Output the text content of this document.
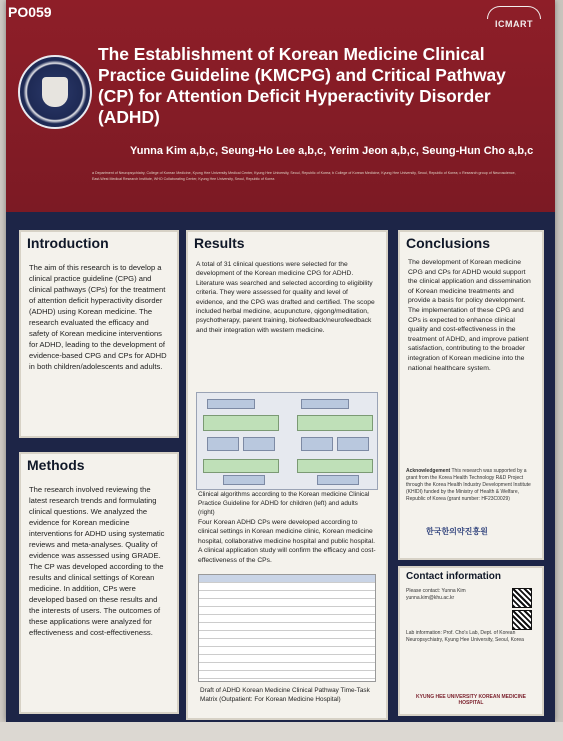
PO059
ICMART
The Establishment of Korean Medicine Clinical Practice Guideline (KMCPG) and Critical Pathway (CP) for Attention Deficit Hyperactivity Disorder (ADHD)
Yunna Kim a,b,c, Seung-Ho Lee a,b,c, Yerim Jeon a,b,c, Seung-Hun Cho a,b,c
a Department of Neuropsychiatry, College of Korean Medicine, Kyung Hee University Medical Center, Kyung Hee University, Seoul, Republic of Korea; b College of Korean Medicine, Kyung Hee University, Seoul, Republic of Korea; c Research group of Neuroscience, East-West Medical Research Institute, WHO Collaborating Center, Kyung Hee University, Seoul, Republic of Korea
Introduction
The aim of this research is to develop a clinical practice guideline (CPG) and clinical pathways (CPs) for the treatment of attention deficit hyperactivity disorder (ADHD) using Korean medicine. The research evaluated the efficacy and safety of Korean medicine interventions for ADHD, leading to the development of evidence-based CPG and CPs for ADHD in both children/adolescents and adults.
Methods
The research involved reviewing the latest research trends and formulating clinical questions. We analyzed the evidence for Korean medicine interventions for ADHD using systematic reviews and meta-analyses. Quality of evidence was assessed using GRADE. The CP was developed according to the results and clinical settings of Korean medicine. In addition, CPs were developed based on these results and the interests of users. The outcomes of these applications were analyzed for effectiveness and cost-effectiveness.
Results
A total of 31 clinical questions were selected for the development of the Korean medicine CPG for ADHD. Literature was searched and selected according to eligibility criteria. They were assessed for quality and level of evidence, and the CPG was drafted and certified. The scope included herbal medicine, acupuncture, qigong/meditation, psychotherapy, parent training, biofeedback/neurofeedback and their integration with western medicine.
Clinical algorithms according to the Korean medicine Clinical Practice Guideline for ADHD for children (left) and adults (right)
Four Korean ADHD CPs were developed according to clinical settings in Korean medicine clinic, Korean medicine hospital, collaborative medicine hospital and public hospital. A clinical application study will confirm the efficacy and cost-effectiveness of the CPs.
Draft of ADHD Korean Medicine Clinical Pathway Time-Task Matrix (Outpatient: For Korean Medicine Hospital)
Conclusions
The development of Korean medicine CPG and CPs for ADHD would support the clinical application and dissemination of Korean medicine treatments and provide a basis for policy development. The implementation of these CPG and CPs is expected to enhance clinical quality and cost-effectiveness in the treatment of ADHD, and improve patient satisfaction, contributing to the broader integration of Korean medicine into the national healthcare system.
Acknowledgement This research was supported by a grant from the Korea Health Technology R&D Project through the Korea Health Industry Development Institute (KHIDI) funded by the Ministry of Health & Welfare, Republic of Korea (grant number: HF23C0029)
한국한의약진흥원
Contact information
Please contact: Yunna Kim yunna.kim@khu.ac.kr
Lab information: Prof. Cho's Lab, Dept. of Korean Neuropsychiatry, Kyung Hee University, Seoul, Korea
KYUNG HEE UNIVERSITY KOREAN MEDICINE HOSPITAL
